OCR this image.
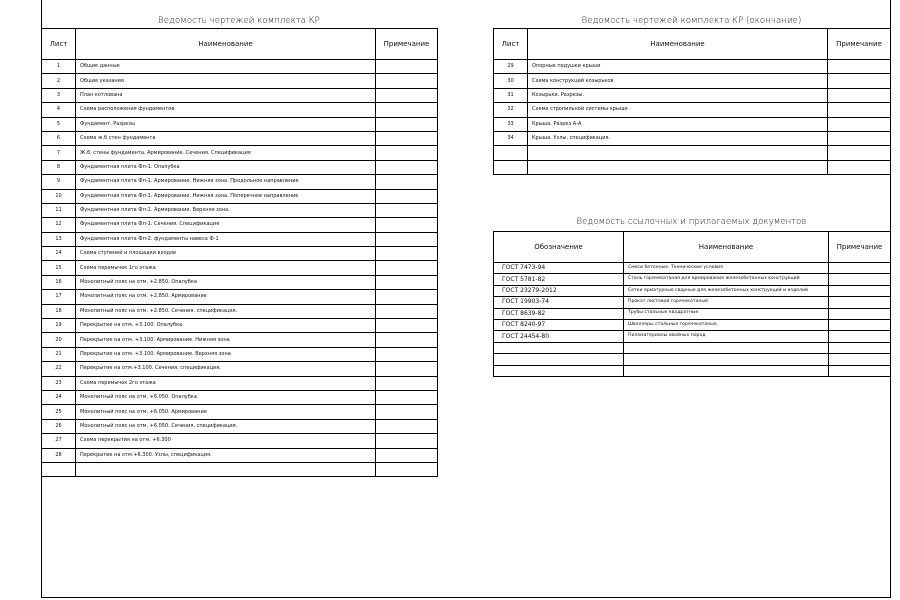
Ведомость чертежей комплекта КР
Лист	Наименование	Примечание
1	Общие данные	
2	Общие указания	
3	План котлована	
4	Схема расположения фундаментов	
5	Фундамент. Разрезы	
6	Схема ж.б стен фундамента	
7	Ж.б. стены фундамента. Армирование. Сечения. Спецификация	
8	Фундаментная плита Фп-1. Опалубка	
9	Фундаментная плита Фп-1. Армирование. Нижняя зона. Продольное направление	
10	Фундаментная плита Фп-1. Армирование. Нижняя зона. Поперечное направление	
11	Фундаментная плита Фп-1. Армирование. Верхняя зона.	
12	Фундаментная плита Фп-1. Сечения. Спецификация	
13	Фундаментная плита Фп-2. фундаменты навеса Ф-1	
14	Схема ступеней и площадки входов	
15	Схема перемычек 1го этажа	
16	Монолитный пояс на отм. +2.850. Опалубка	
17	Монолитный пояс на отм. +2.850. Армирование	
18	Монолитный пояс на отм. +2.850. Сечения, спецификация.	
19	Перекрытие на отм. +3.100. Опалубка.	
20	Перекрытие на отм. +3.100. Армирование. Нижняя зона	
21	Перекрытие на отм. +3.100. Армирование. Верхняя зона	
22	Перекрытие на отм.+3.100. Сечения, спецификация.	
23	Схема перемычек 2го этажа	
24	Монолитный пояс на отм. +6.050. Опалубка	
25	Монолитный пояс на отм. +6.050. Армирование	
26	Монолитный пояс на отм. +6.050. Сечения, спецификация.	
27	Схема перекрытия на отм. +6.300	
28	Перекрытие на отм.+6.300. Узлы, спецификация.	

Ведомость чертежей комплекта КР (окончание)
Лист	Наименование	Примечание
29	Опорные подушки крыши	
30	Схема конструкций козырьков	
31	Козырьки. Разрезы.	
32	Схема стропильной системы крыши	
33	Крыша. Разрез А-А	
34	Крыша. Узлы, спецификация.	

Ведомость ссылочных и прилагаемых документов
Обозначение	Наименование	Примечание
ГОСТ 7473-94	Смеси бетонные. Технические условия	
ГОСТ 5781-82	Сталь горячекатаная для армирования железобетонных конструкций	
ГОСТ 23279-2012	Сетки арматурные сварные для железобетонных конструкций и изделий	
ГОСТ 19903-74	Прокат листовой горячекатаный	
ГОСТ 8639-82	Трубы стальные квадратные	
ГОСТ 8240-97	Швеллеры стальные горячекатаные.	
ГОСТ 24454-80	Пиломатериалы хвойных пород	
